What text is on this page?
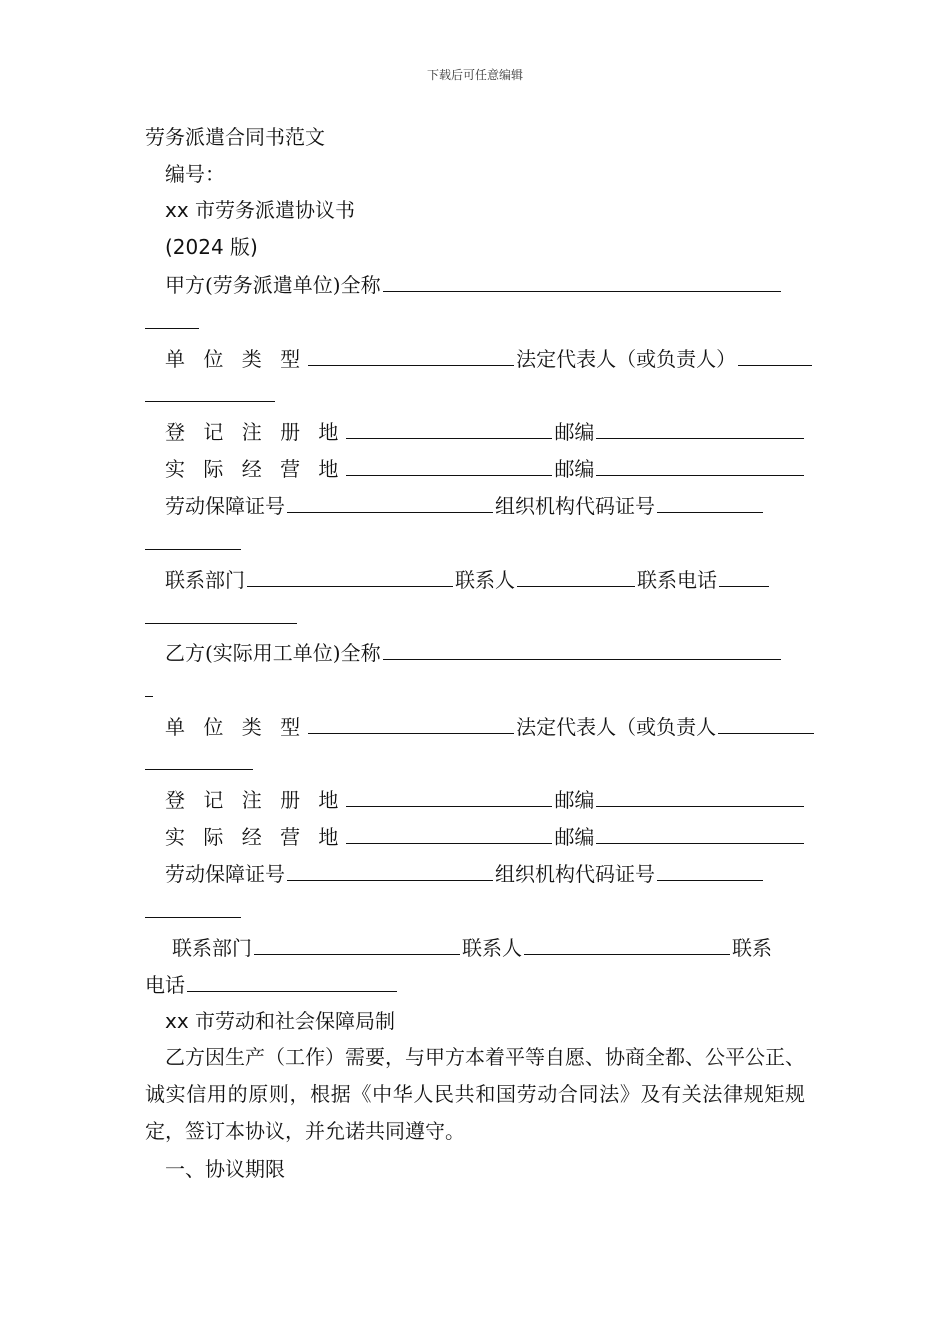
下载后可任意编辑
劳务派遣合同书范文
编号：
xx 市劳务派遣协议书
(2024 版)
甲方(劳务派遣单位)全称
单 位 类 型	法定代表人（或负责人）
登 记 注 册 地	邮编
实 际 经 营 地	邮编
劳动保障证号	组织机构代码证号
联系部门	联系人	联系电话
乙方(实际用工单位)全称
单 位 类 型	法定代表人（或负责人
登 记 注 册 地	邮编
实 际 经 营 地	邮编
劳动保障证号	组织机构代码证号
联系部门	联系人	联系
电话
xx 市劳动和社会保障局制
乙方因生产（工作）需要，与甲方本着平等自愿、协商全都、公平公正、诚实信用的原则，根据《中华人民共和国劳动合同法》及有关法律规矩规定，签订本协议，并允诺共同遵守。
一、协议期限
